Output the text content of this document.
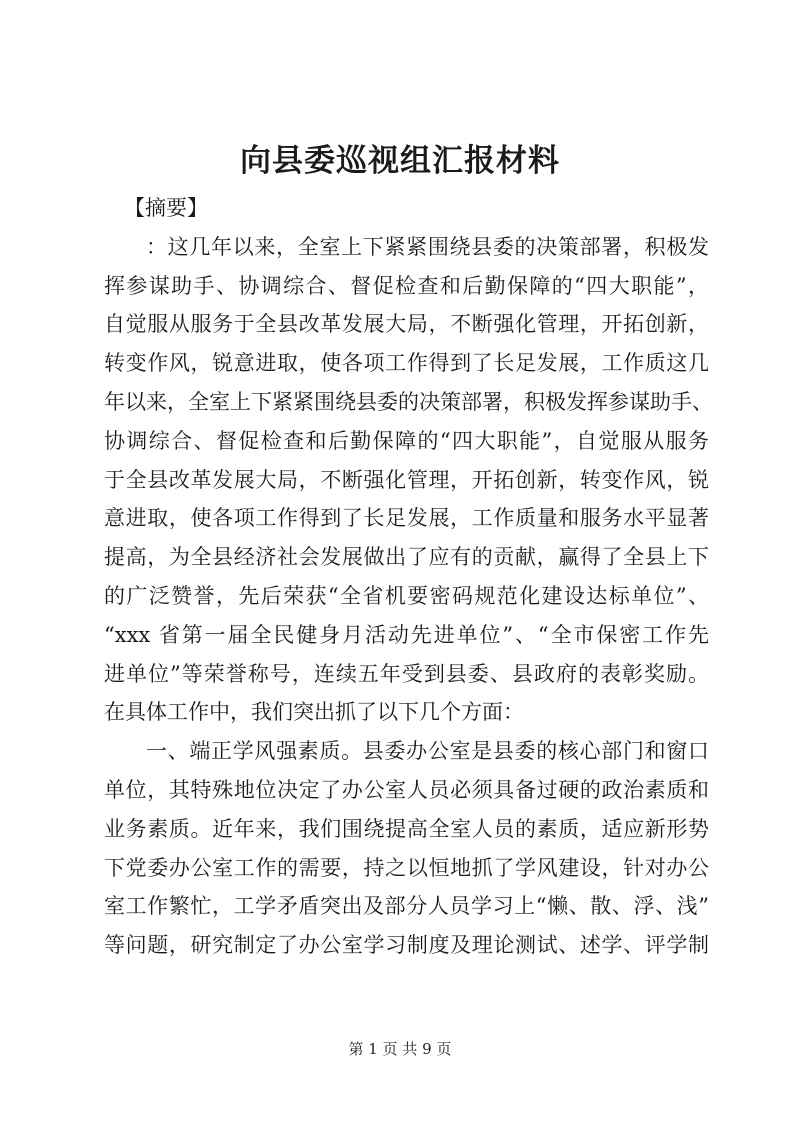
向县委巡视组汇报材料
【摘要】
：这几年以来，全室上下紧紧围绕县委的决策部署，积极发
挥参谋助手、协调综合、督促检查和后勤保障的“四大职能”，
自觉服从服务于全县改革发展大局，不断强化管理，开拓创新，
转变作风，锐意进取，使各项工作得到了长足发展，工作质这几
年以来，全室上下紧紧围绕县委的决策部署，积极发挥参谋助手、
协调综合、督促检查和后勤保障的“四大职能”，自觉服从服务
于全县改革发展大局，不断强化管理，开拓创新，转变作风，锐
意进取，使各项工作得到了长足发展，工作质量和服务水平显著
提高，为全县经济社会发展做出了应有的贡献，赢得了全县上下
的广泛赞誉，先后荣获“全省机要密码规范化建设达标单位”、
“xxx 省第一届全民健身月活动先进单位”、“全市保密工作先
进单位”等荣誉称号，连续五年受到县委、县政府的表彰奖励。
在具体工作中，我们突出抓了以下几个方面：
一、端正学风强素质。县委办公室是县委的核心部门和窗口
单位，其特殊地位决定了办公室人员必须具备过硬的政治素质和
业务素质。近年来，我们围绕提高全室人员的素质，适应新形势
下党委办公室工作的需要，持之以恒地抓了学风建设，针对办公
室工作繁忙，工学矛盾突出及部分人员学习上“懒、散、浮、浅”
等问题，研究制定了办公室学习制度及理论测试、述学、评学制
第 1 页 共 9 页
